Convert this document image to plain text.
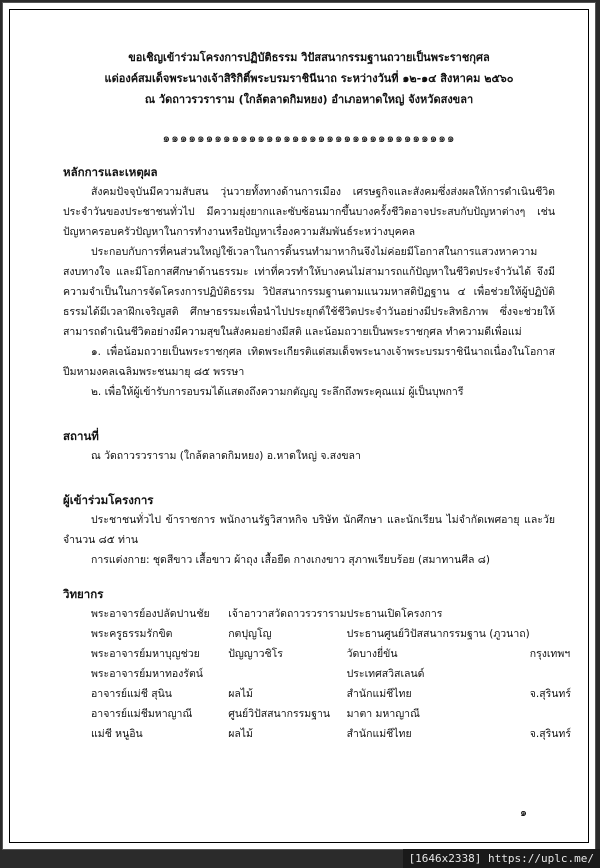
ขอเชิญเข้าร่วมโครงการปฏิบัติธรรม วิปัสสนากรรมฐานถวายเป็นพระราชกุศล
แด่องค์สมเด็จพระนางเจ้าสิริกิติ์พระบรมราชินีนาถ ระหว่างวันที่ ๑๒-๑๔ สิงหาคม ๒๕๖๐
ณ วัดถาวรวราราม (ใกล้ตลาดกิมหยง) อำเภอหาดใหญ่ จังหวัดสงขลา
๑๑๑๑๑๑๑๑๑๑๑๑๑๑๑๑๑๑๑๑๑๑๑๑๑๑๑๑๑๑๑๑๑๑
หลักการและเหตุผล
สังคมปัจจุบันมีความสับสน วุ่นวายทั้งทางด้านการเมือง เศรษฐกิจและสังคมซึ่งส่งผลให้การดำเนินชีวิตประจำวันของประชาชนทั่วไป มีความยุ่งยากและซับซ้อนมากขึ้นบางครั้งชีวิตอาจประสบกับปัญหาต่างๆ เช่น ปัญหาครอบครัวปัญหาในการทำงานหรือปัญหาเรื่องความสัมพันธ์ระหว่างบุคคล
ประกอบกับการที่คนส่วนใหญ่ใช้เวลาในการดิ้นรนทำมาหากินจึงไม่ค่อยมีโอกาสในการแสวงหาความสงบทางใจ และมีโอกาสศึกษาด้านธรรมะ เท่าที่ควรทำให้บางคนไม่สามารถแก้ปัญหาในชีวิตประจำวันได้ จึงมีความจำเป็นในการจัดโครงการปฏิบัติธรรม วิปัสสนากรรมฐานตามแนวมหาสติปัฏฐาน ๔ เพื่อช่วยให้ผู้ปฏิบัติธรรมได้มีเวลาฝึกเจริญสติ ศึกษาธรรมะเพื่อนำไปประยุกต์ใช้ชีวิตประจำวันอย่างมีประสิทธิภาพ ซึ่งจะช่วยให้สามารถดำเนินชีวิตอย่างมีความสุขในสังคมอย่างมีสติ และน้อมถวายเป็นพระราชกุศล ทำความดีเพื่อแม่
๑. เพื่อน้อมถวายเป็นพระราชกุศล เทิดพระเกียรติแด่สมเด็จพระนางเจ้าพระบรมราชินีนาถเนื่องในโอกาสปีมหามงคลเฉลิมพระชนมายุ ๘๕ พรรษา
๒. เพื่อให้ผู้เข้ารับการอบรมได้แสดงถึงความกตัญญู ระลึกถึงพระคุณแม่ ผู้เป็นบุพการี
สถานที่
ณ วัดถาวรวราราม (ใกล้ตลาดกิมหยง) อ.หาดใหญ่ จ.สงขลา
ผู้เข้าร่วมโครงการ
ประชาชนทั่วไป ข้าราชการ พนักงานรัฐวิสาหกิจ บริษัท นักศึกษา และนักเรียน ไม่จำกัดเพศอายุ และวัย จำนวน ๘๕ ท่าน
การแต่งกาย: ชุดสีขาว เสื้อขาว ผ้าถุง เสื้อยืด กางเกงขาว สุภาพเรียบร้อย (สมาทานศีล ๘)
วิทยากร
พระอาจารย์องปลัดปานชัย	เจ้าอาวาสวัดถาวรวราราม	ประธานเปิดโครงการ	
พระครูธรรมรักขิต	กตปุญโญ	ประธานศูนย์วิปัสสนากรรมฐาน (ภูวนาถ)	
พระอาจารย์มหาบุญช่วย	ปัญญาวชิโร	วัดบางยี่ขัน	กรุงเทพฯ
พระอาจารย์มหาทองรัตน์		ประเทศสวิสเลนด์	
อาจารย์แม่ชี สุนิน	ผลไม้	สำนักแม่ชีไทย	จ.สุรินทร์
อาจารย์แม่ชีมหาญาณี	ศูนย์วิปัสสนากรรมฐาน	มาตา มหาญาณี	
แม่ชี หนูอิน	ผลไม้	สำนักแม่ชีไทย	จ.สุรินทร์
๑
[1646x2338] https://uplc.me/
